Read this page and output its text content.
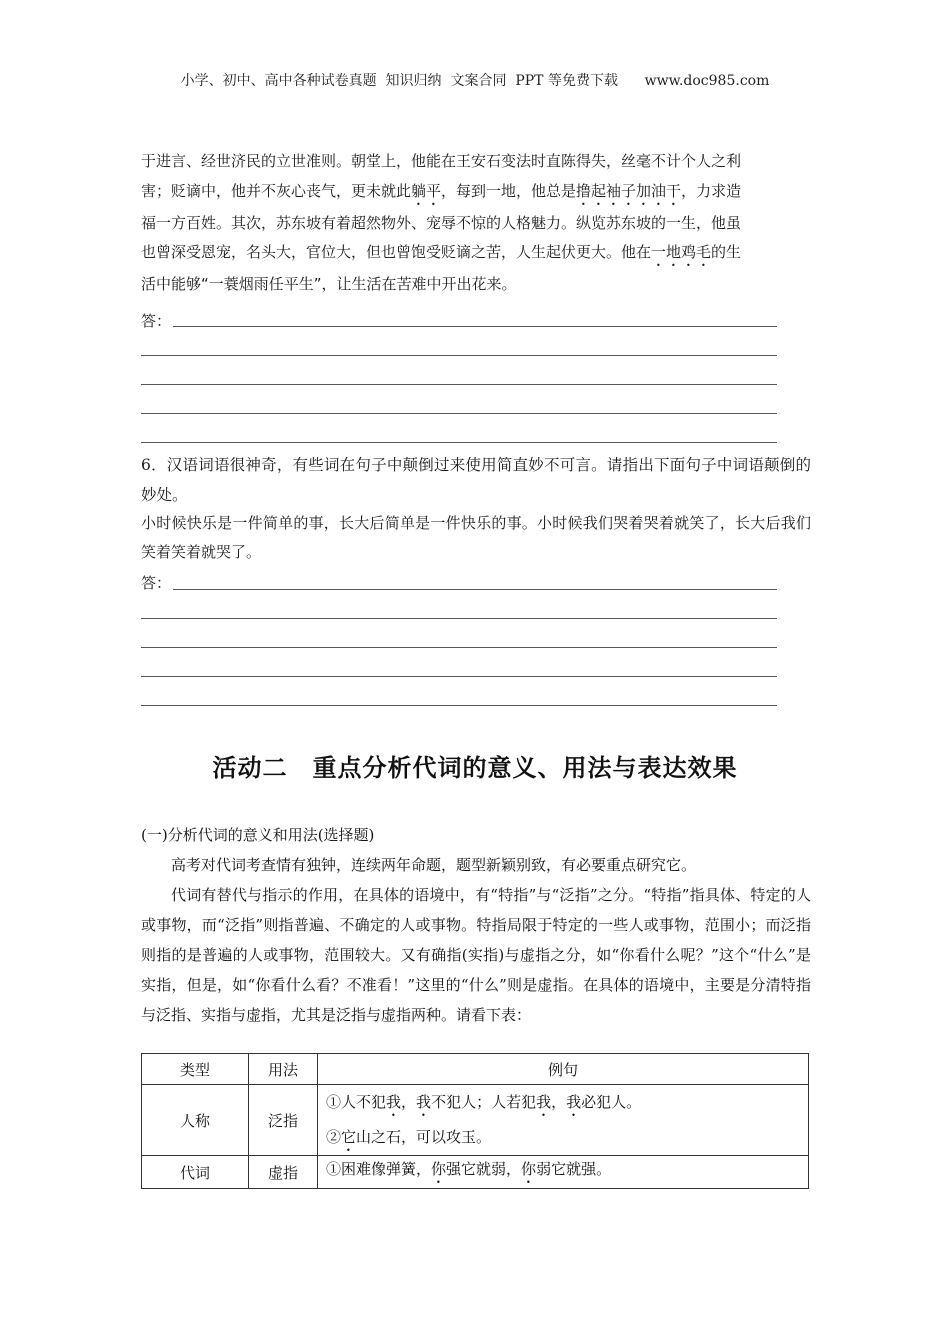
小学、初中、高中各种试卷真题  知识归纳  文案合同  PPT 等免费下载 www.doc985.com
于进言、经世济民的立世准则。朝堂上，他能在王安石变法时直陈得失，丝毫不计个人之利
害；贬谪中，他并不灰心丧气，更未就此躺平，每到一地，他总是撸起袖子加油干，力求造
福一方百姓。其次，苏东坡有着超然物外、宠辱不惊的人格魅力。纵览苏东坡的一生，他虽
也曾深受恩宠，名头大，官位大，但也曾饱受贬谪之苦，人生起伏更大。他在一地鸡毛的生
活中能够“一蓑烟雨任平生”，让生活在苦难中开出花来。
答：
6．汉语词语很神奇，有些词在句子中颠倒过来使用简直妙不可言。请指出下面句子中词语颠倒的妙处。
小时候快乐是一件简单的事，长大后简单是一件快乐的事。小时候我们哭着哭着就笑了，长大后我们笑着笑着就哭了。
答：
活动二　重点分析代词的意义、用法与表达效果
(一)分析代词的意义和用法(选择题)
高考对代词考查情有独钟，连续两年命题，题型新颖别致，有必要重点研究它。
代词有替代与指示的作用，在具体的语境中，有“特指”与“泛指”之分。“特指”指具体、特定的人或事物，而“泛指”则指普遍、不确定的人或事物。特指局限于特定的一些人或事物，范围小；而泛指则指的是普遍的人或事物，范围较大。又有确指(实指)与虚指之分，如“你看什么呢？”这个“什么”是实指，但是，如“你看什么看？不准看！”这里的“什么”则是虚指。在具体的语境中，主要是分清特指与泛指、实指与虚指，尤其是泛指与虚指两种。请看下表：
类型	用法	例句
人称	泛指	①人不犯我，我不犯人；人若犯我，我必犯人。
②它山之石，可以攻玉。

代词	虚指	①困难像弹簧，你强它就弱，你弱它就强。
